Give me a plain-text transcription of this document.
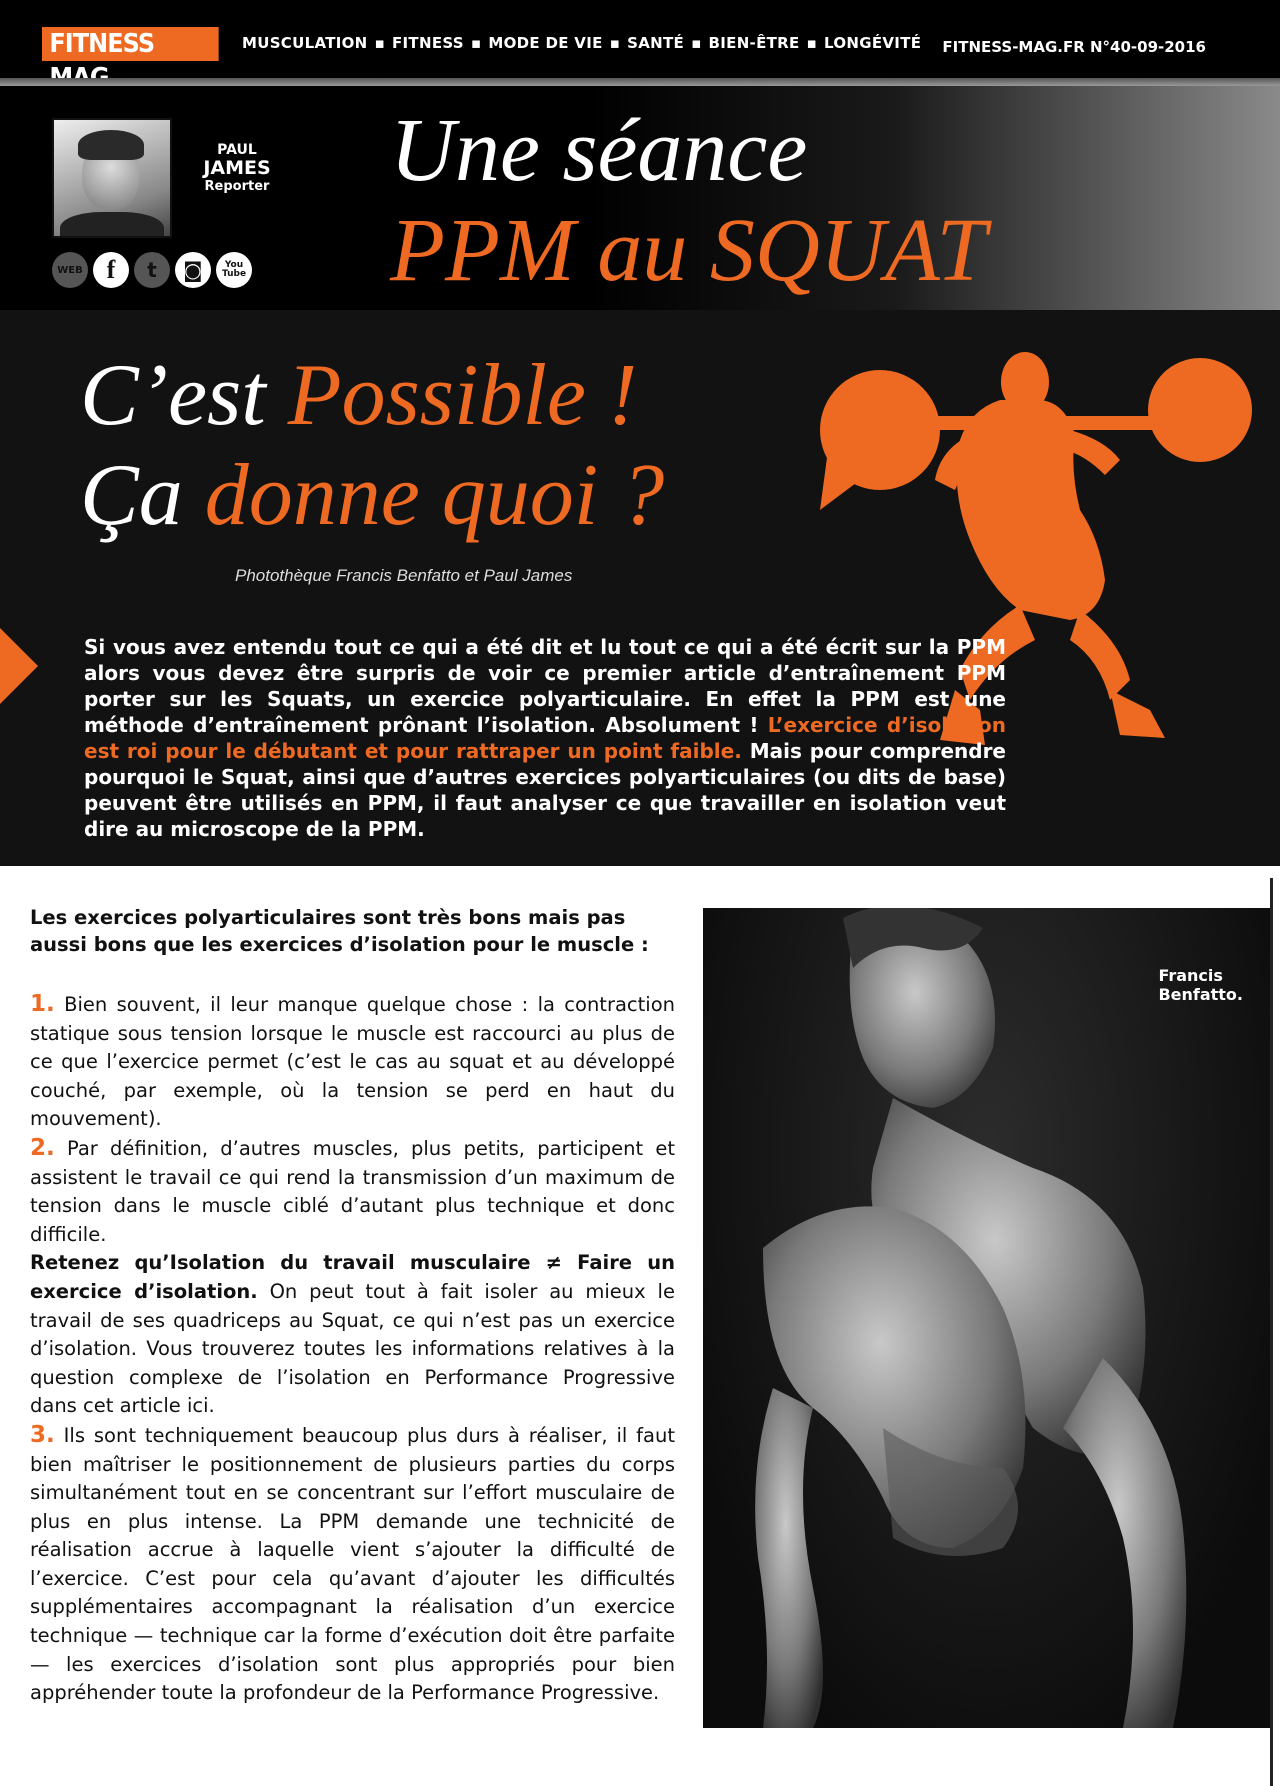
FITNESS	MUSCULATION ▪ FITNESS ▪ MODE DE VIE ▪ SANTÉ ▪ BIEN-ÊTRE ▪ LONGÉVITÉ FITNESS-MAG.FR N°40-09-2016
PAUL
JAMES
Reporter
WEB f	t	◙	You Tube
Une séance
PPM au SQUAT
C’est Possible !
Ça donne quoi ?
Photothèque Francis Benfatto et Paul James
Si vous avez entendu tout ce qui a été dit et lu tout ce qui a été écrit sur la PPM alors vous devez être surpris de voir ce premier article d’entraînement PPM porter sur les Squats, un exercice polyarticulaire. En effet la PPM est une méthode d’entraînement prônant l’isolation. Absolument ! L’exercice d’isolation est roi pour le débutant et pour rattraper un point faible. Mais pour comprendre pourquoi le Squat, ainsi que d’autres exercices polyarticulaires (ou dits de base) peuvent être utilisés en PPM, il faut analyser ce que travailler en isolation veut dire au microscope de la PPM.
Les exercices polyarticulaires sont très bons mais pas aussi bons que les exercices d’isolation pour le muscle :

1. Bien souvent, il leur manque quelque chose : la contraction statique sous tension lorsque le muscle est raccourci au plus de ce que l’exercice permet (c’est le cas au squat et au développé couché, par exemple, où la tension se perd en haut du mouvement).

2. Par définition, d’autres muscles, plus petits, participent et assistent le travail ce qui rend la transmission d’un maximum de tension dans le muscle ciblé d’autant plus technique et donc difficile.

Retenez qu’Isolation du travail musculaire ≠ Faire un exercice d’isolation. On peut tout à fait isoler au mieux le travail de ses quadriceps au Squat, ce qui n’est pas un exercice d’isolation. Vous trouverez toutes les informations relatives à la question complexe de l’isolation en Performance Progressive dans cet article ici.

3. Ils sont techniquement beaucoup plus durs à réaliser, il faut bien maîtriser le positionnement de plusieurs parties du corps simultanément tout en se concentrant sur l’effort musculaire de plus en plus intense. La PPM demande une technicité de réalisation accrue à laquelle vient s’ajouter la difficulté de l’exercice. C’est pour cela qu’avant d’ajouter les difficultés supplémentaires accompagnant la réalisation d’un exercice technique — technique car la forme d’exécution doit être parfaite — les exercices d’isolation sont plus appropriés pour bien appréhender toute la profondeur de la Performance Progressive.

Francis
Benfatto.
